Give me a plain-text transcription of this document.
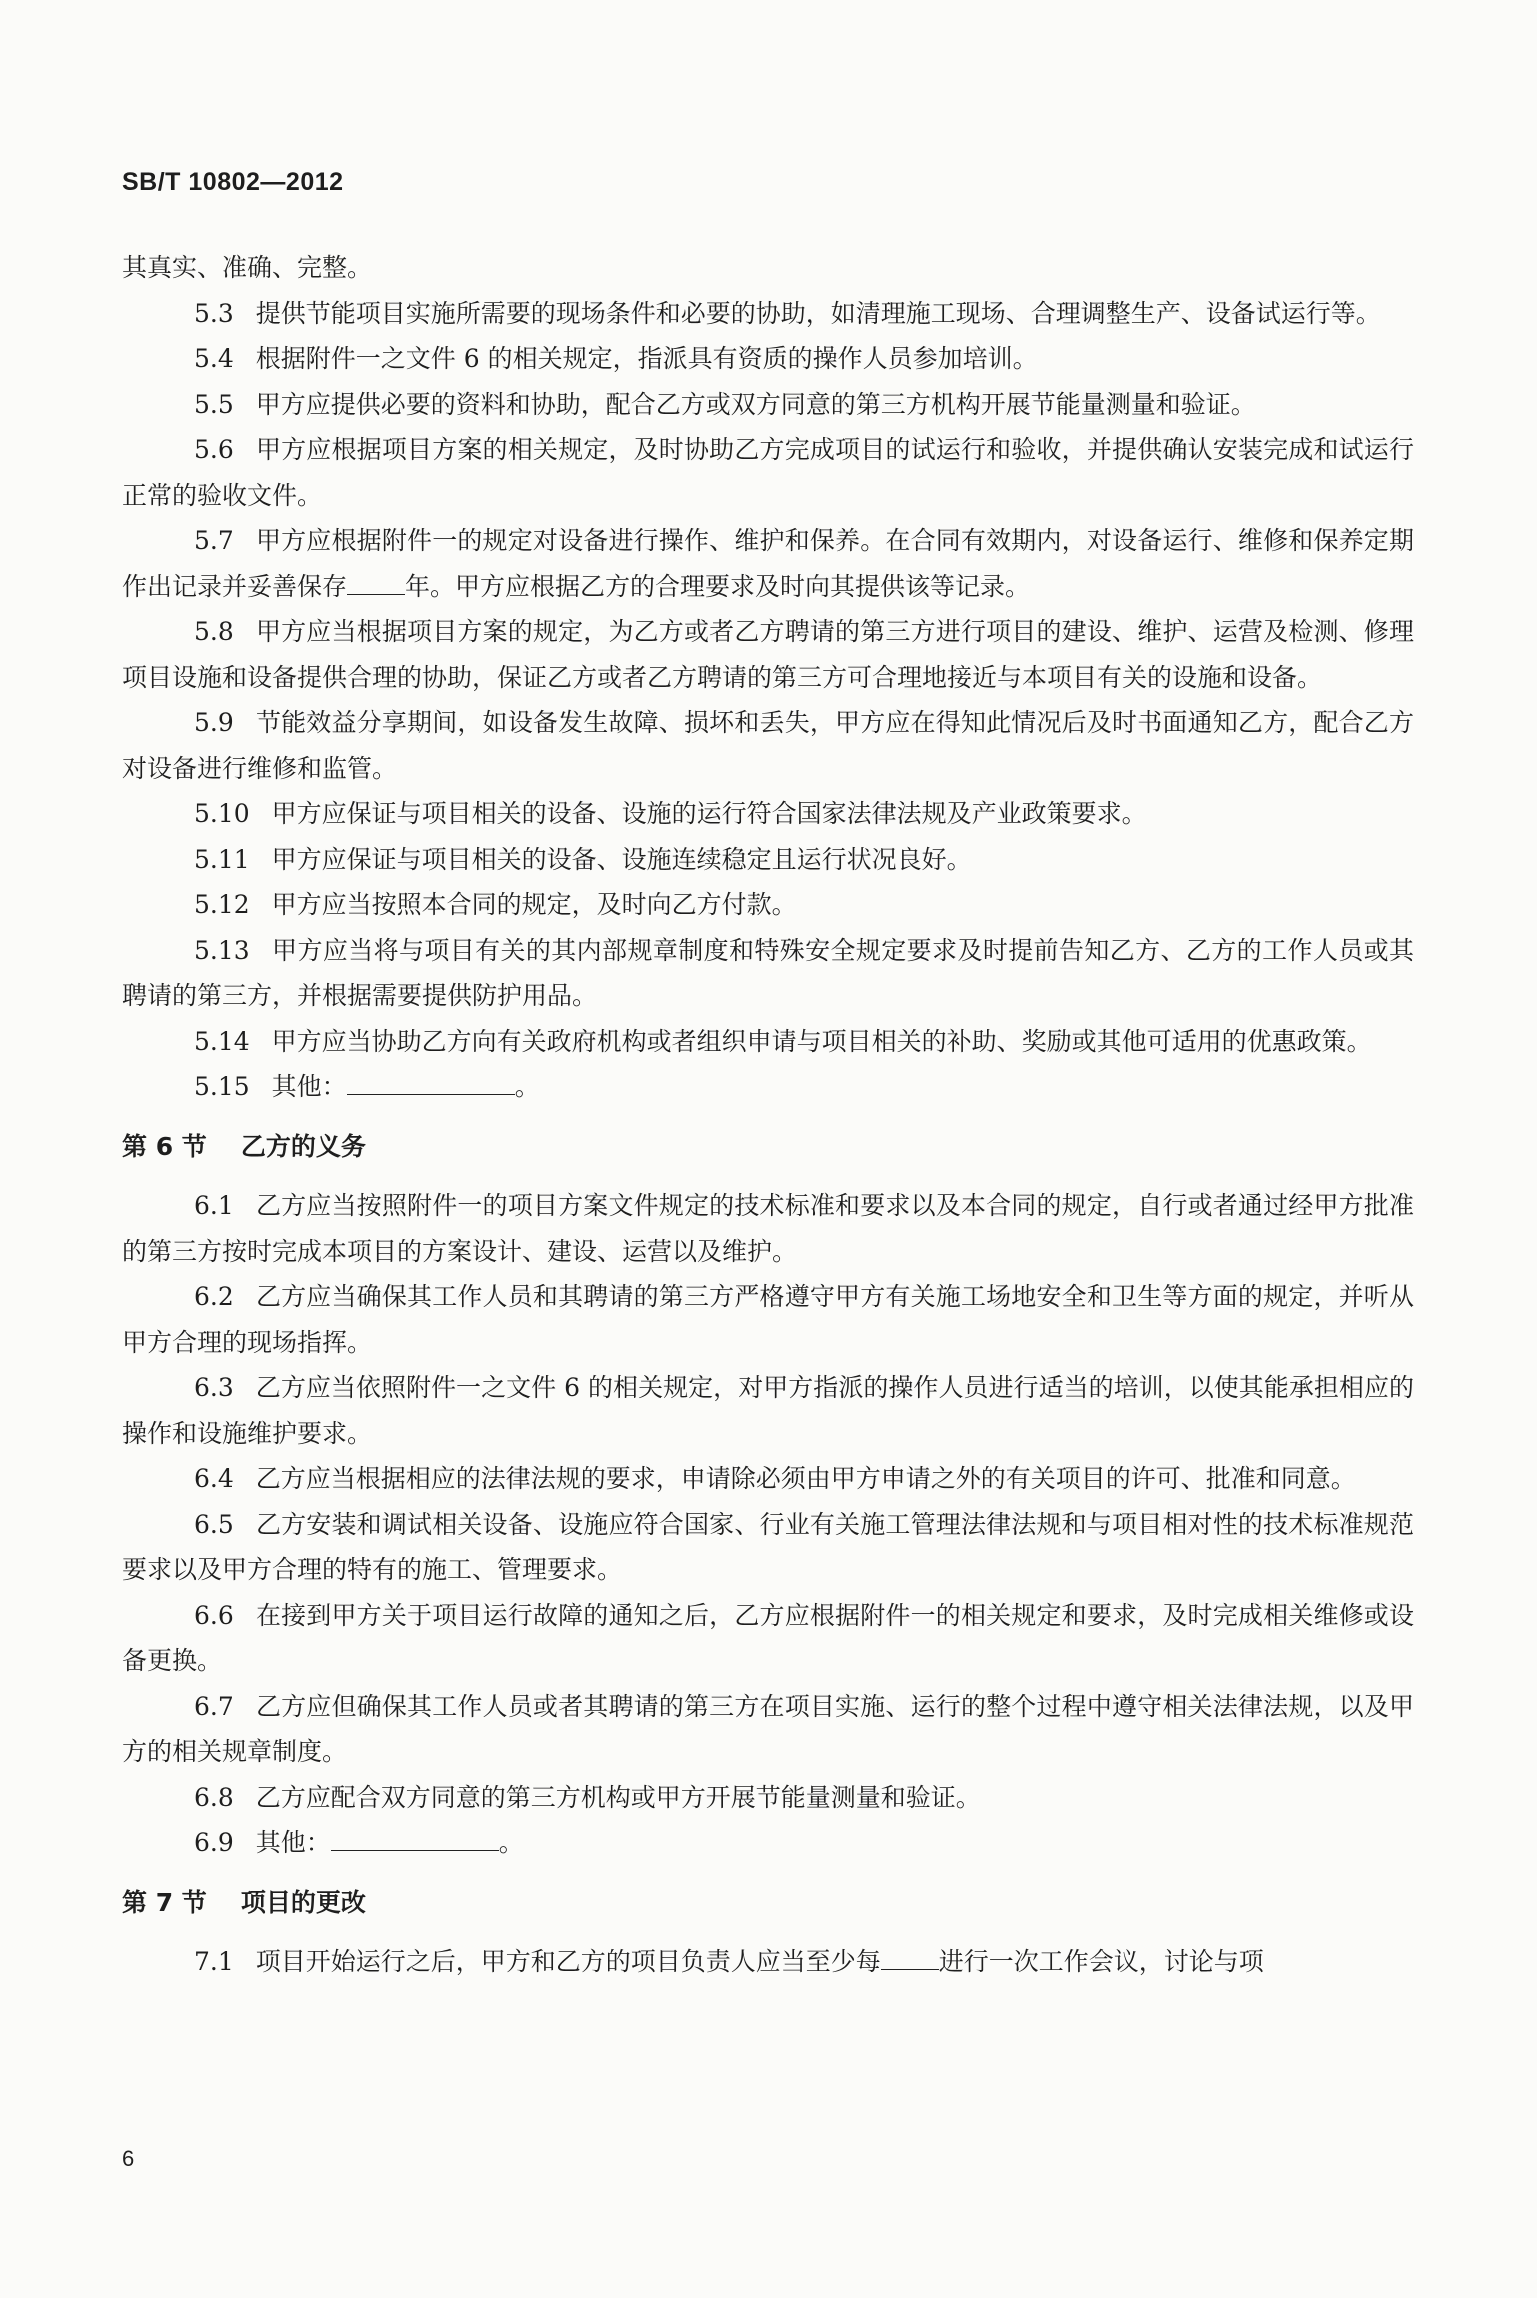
SB/T 10802—2012

其真实、准确、完整。

5.3 提供节能项目实施所需要的现场条件和必要的协助，如清理施工现场、合理调整生产、设备试运行等。

5.4 根据附件一之文件 6 的相关规定，指派具有资质的操作人员参加培训。

5.5 甲方应提供必要的资料和协助，配合乙方或双方同意的第三方机构开展节能量测量和验证。

5.6 甲方应根据项目方案的相关规定，及时协助乙方完成项目的试运行和验收，并提供确认安装完成和试运行正常的验收文件。

5.7 甲方应根据附件一的规定对设备进行操作、维护和保养。在合同有效期内，对设备运行、维修和保养定期作出记录并妥善保存 年。甲方应根据乙方的合理要求及时向其提供该等记录。

5.8 甲方应当根据项目方案的规定，为乙方或者乙方聘请的第三方进行项目的建设、维护、运营及检测、修理项目设施和设备提供合理的协助，保证乙方或者乙方聘请的第三方可合理地接近与本项目有关的设施和设备。

5.9 节能效益分享期间，如设备发生故障、损坏和丢失，甲方应在得知此情况后及时书面通知乙方，配合乙方对设备进行维修和监管。

5.10 甲方应保证与项目相关的设备、设施的运行符合国家法律法规及产业政策要求。

5.11 甲方应保证与项目相关的设备、设施连续稳定且运行状况良好。

5.12 甲方应当按照本合同的规定，及时向乙方付款。

5.13 甲方应当将与项目有关的其内部规章制度和特殊安全规定要求及时提前告知乙方、乙方的工作人员或其聘请的第三方，并根据需要提供防护用品。

5.14 甲方应当协助乙方向有关政府机构或者组织申请与项目相关的补助、奖励或其他可适用的优惠政策。

5.15 其他：	。

第 6 节 乙方的义务

6.1 乙方应当按照附件一的项目方案文件规定的技术标准和要求以及本合同的规定，自行或者通过经甲方批准的第三方按时完成本项目的方案设计、建设、运营以及维护。

6.2 乙方应当确保其工作人员和其聘请的第三方严格遵守甲方有关施工场地安全和卫生等方面的规定，并听从甲方合理的现场指挥。

6.3 乙方应当依照附件一之文件 6 的相关规定，对甲方指派的操作人员进行适当的培训，以使其能承担相应的操作和设施维护要求。

6.4 乙方应当根据相应的法律法规的要求，申请除必须由甲方申请之外的有关项目的许可、批准和同意。

6.5 乙方安装和调试相关设备、设施应符合国家、行业有关施工管理法律法规和与项目相对性的技术标准规范要求以及甲方合理的特有的施工、管理要求。

6.6 在接到甲方关于项目运行故障的通知之后，乙方应根据附件一的相关规定和要求，及时完成相关维修或设备更换。

6.7 乙方应但确保其工作人员或者其聘请的第三方在项目实施、运行的整个过程中遵守相关法律法规，以及甲方的相关规章制度。

6.8 乙方应配合双方同意的第三方机构或甲方开展节能量测量和验证。

6.9 其他：	。

第 7 节 项目的更改

7.1 项目开始运行之后，甲方和乙方的项目负责人应当至少每 进行一次工作会议，讨论与项

6
